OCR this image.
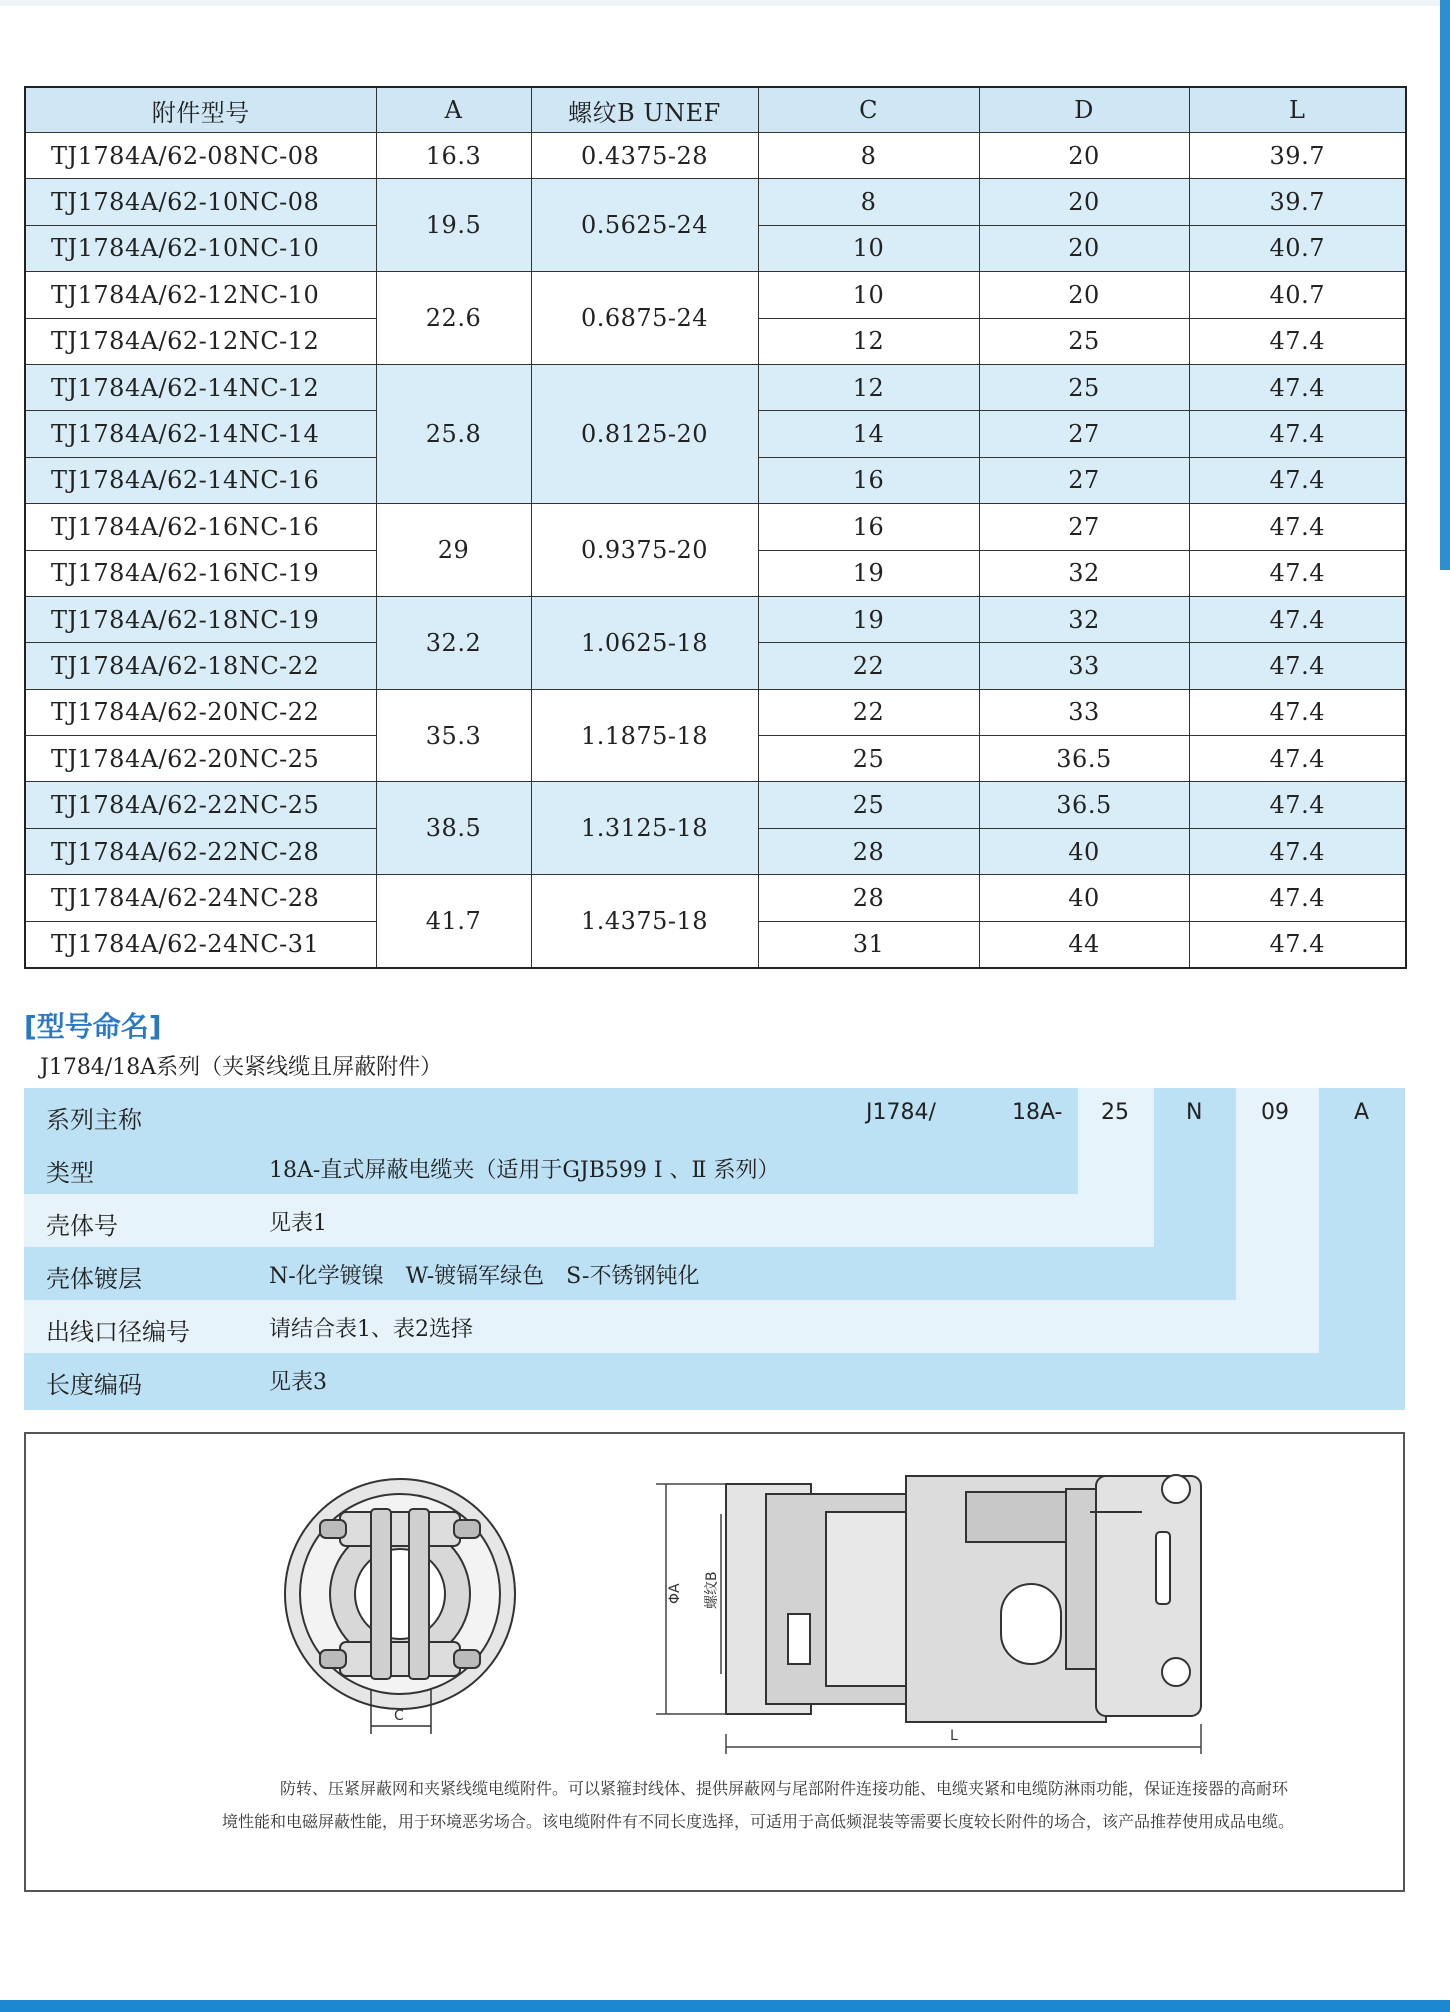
附件型号	A	螺纹B UNEF	C	D	L
TJ1784A/62-08NC-08	16.3	0.4375-28	8	20	39.7
TJ1784A/62-10NC-08	19.5	0.5625-24	8	20	39.7
TJ1784A/62-10NC-10			10	20	40.7
TJ1784A/62-12NC-10	22.6	0.6875-24	10	20	40.7
TJ1784A/62-12NC-12			12	25	47.4
TJ1784A/62-14NC-12	25.8	0.8125-20	12	25	47.4
TJ1784A/62-14NC-14			14	27	47.4
TJ1784A/62-14NC-16			16	27	47.4
TJ1784A/62-16NC-16	29	0.9375-20	16	27	47.4
TJ1784A/62-16NC-19			19	32	47.4
TJ1784A/62-18NC-19	32.2	1.0625-18	19	32	47.4
TJ1784A/62-18NC-22			22	33	47.4
TJ1784A/62-20NC-22	35.3	1.1875-18	22	33	47.4
TJ1784A/62-20NC-25			25	36.5	47.4
TJ1784A/62-22NC-25	38.5	1.3125-18	25	36.5	47.4
TJ1784A/62-22NC-28			28	40	47.4
TJ1784A/62-24NC-28	41.7	1.4375-18	28	40	47.4
TJ1784A/62-24NC-31			31	44	47.4
[型号命名]
J1784/18A系列（夹紧线缆且屏蔽附件）
系列主称
类型	18A-直式屏蔽电缆夹（适用于GJB599 Ⅰ 、Ⅱ 系列）
壳体号	见表1
壳体镀层	N-化学镀镍　W-镀镉军绿色　S-不锈钢钝化
出线口径编号	请结合表1、表2选择
长度编码	见表3
J1784/	18A- 25	N	09	A
C
ΦA 螺纹B
L

防转、压紧屏蔽网和夹紧线缆电缆附件。可以紧箍封线体、提供屏蔽网与尾部附件连接功能、电缆夹紧和电缆防淋雨功能，保证连接器的高耐环境性能和电磁屏蔽性能，用于环境恶劣场合。该电缆附件有不同长度选择，可适用于高低频混装等需要长度较长附件的场合，该产品推荐使用成品电缆。
